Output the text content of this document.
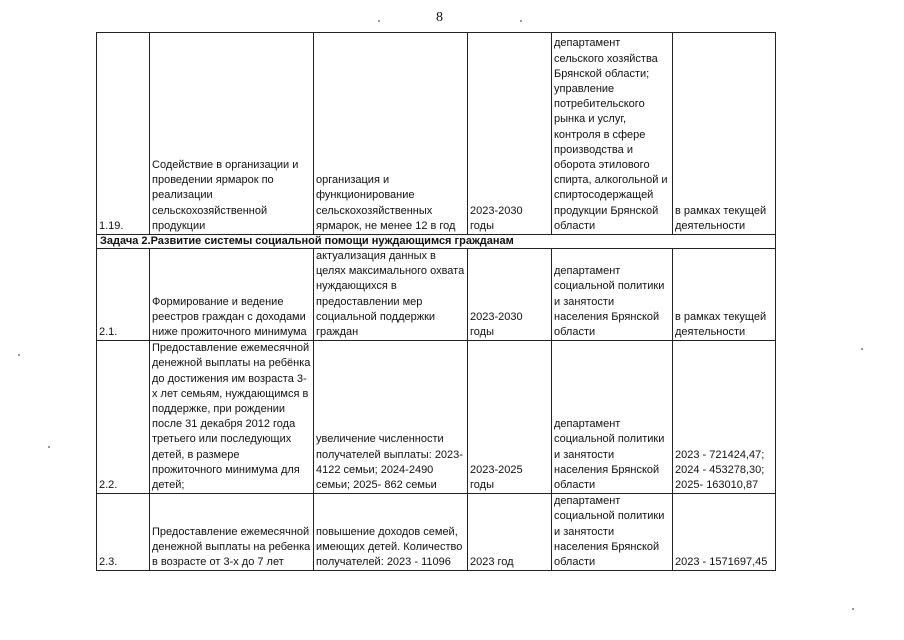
8
1.19.	Содействие в организации и проведении ярмарок по реализации сельскохозяйственной продукции	организация и функционирование сельскохозяйственных ярмарок, не менее 12 в год	2023-2030 годы	департамент сельского хозяйства Брянской области; управление потребительского рынка и услуг, контроля в сфере производства и оборота этилового спирта, алкогольной и спиртосодержащей продукции Брянской области	в рамках текущей деятельности
Задача 2.Развитие системы социальной помощи нуждающимся гражданам					
2.1.	Формирование и ведение реестров граждан с доходами ниже прожиточного минимума	актуализация данных в целях максимального охвата нуждающихся в предоставлении мер социальной поддержки граждан	2023-2030 годы	департамент социальной политики и занятости населения Брянской области	в рамках текущей деятельности
2.2.	Предоставление ежемесячной денежной выплаты на ребёнка до достижения им возраста 3-х лет семьям, нуждающимся в поддержке, при рождении после 31 декабря 2012 года третьего или последующих детей, в размере прожиточного минимума для детей;	увеличение численности получателей выплаты: 2023-4122 семьи; 2024-2490 семьи; 2025- 862 семьи	2023-2025 годы	департамент социальной политики и занятости населения Брянской области	2023 - 721424,47; 2024 - 453278,30; 2025- 163010,87
2.3.	Предоставление ежемесячной денежной выплаты на ребенка в возрасте от 3-х до 7 лет	повышение доходов семей, имеющих детей. Количество получателей: 2023 - 11096	2023 год	департамент социальной политики и занятости населения Брянской области	2023 - 1571697,45
